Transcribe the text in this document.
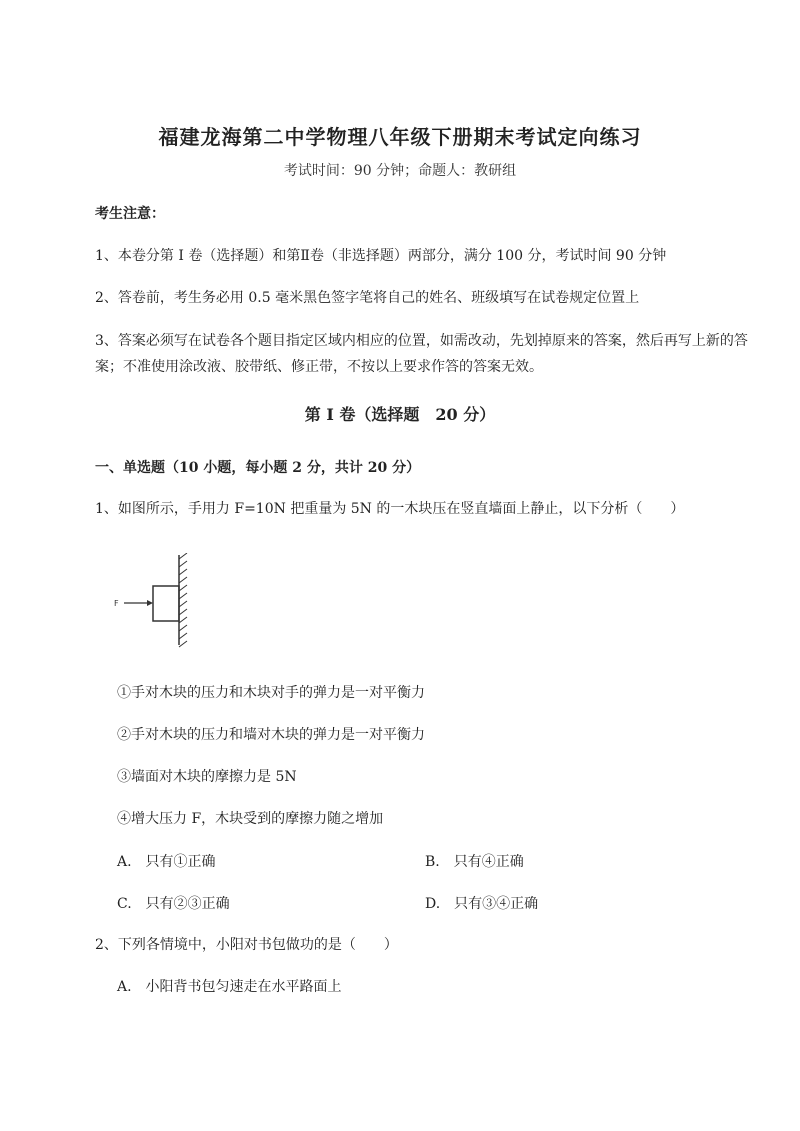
福建龙海第二中学物理八年级下册期末考试定向练习
考试时间：90 分钟；命题人：教研组
考生注意：
1、本卷分第 I 卷（选择题）和第Ⅱ卷（非选择题）两部分，满分 100 分，考试时间 90 分钟
2、答卷前，考生务必用 0.5 毫米黑色签字笔将自己的姓名、班级填写在试卷规定位置上
3、答案必须写在试卷各个题目指定区域内相应的位置，如需改动，先划掉原来的答案，然后再写上新的答案；不准使用涂改液、胶带纸、修正带，不按以上要求作答的答案无效。
第 I 卷（选择题　20 分）
一、单选题（10 小题，每小题 2 分，共计 20 分）
1、如图所示，手用力 F=10N 把重量为 5N 的一木块压在竖直墙面上静止，以下分析（　　）
F
①手对木块的压力和木块对手的弹力是一对平衡力
②手对木块的压力和墙对木块的弹力是一对平衡力
③墙面对木块的摩擦力是 5N
④增大压力 F，木块受到的摩擦力随之增加
A.　只有①正确	B.　只有④正确
C.　只有②③正确	D.　只有③④正确
2、下列各情境中，小阳对书包做功的是（　　）
A.　小阳背书包匀速走在水平路面上
